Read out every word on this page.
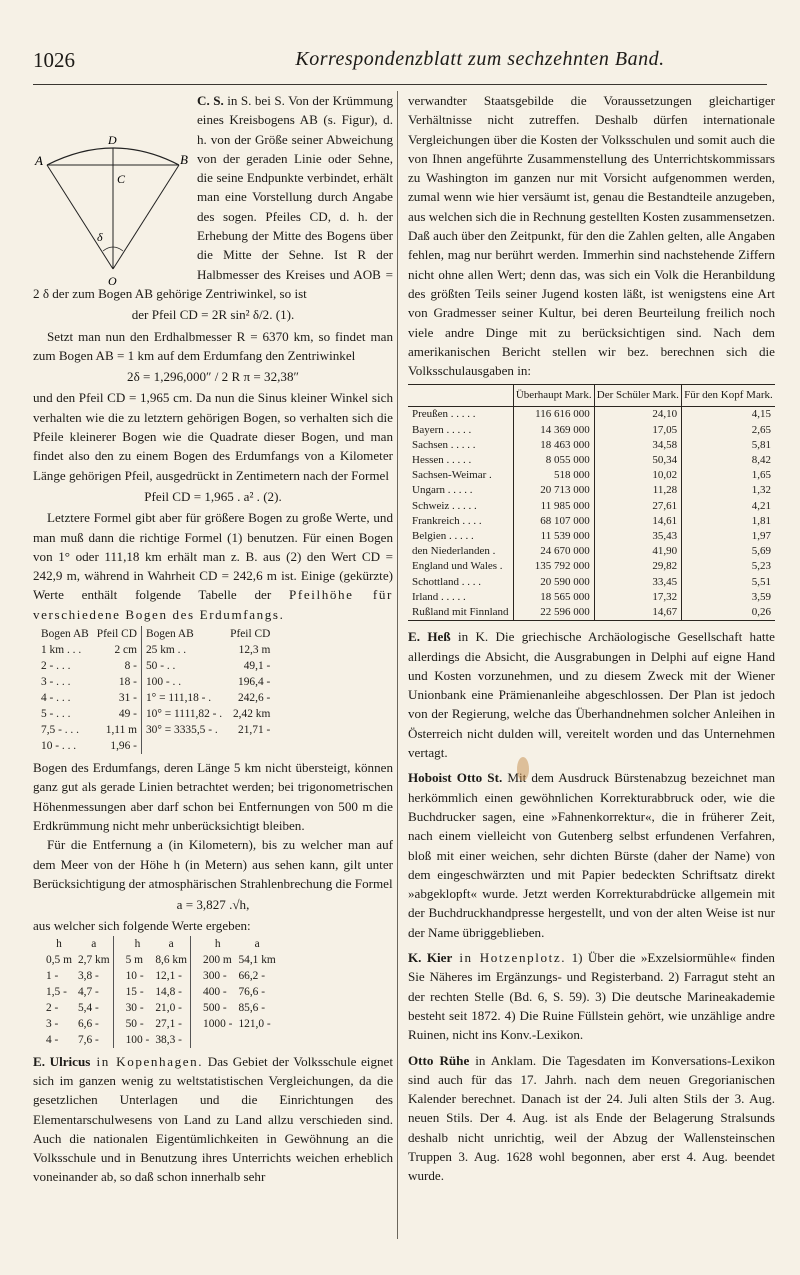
1026	Korrespondenzblatt zum sechzehnten Band.
A	B
D
C
δ
O

C. S. in S. bei S. Von der Krümmung eines Kreisbogens AB (s. Figur), d. h. von der Größe seiner Abweichung von der geraden Linie oder Sehne, die seine Endpunkte verbindet, erhält man eine Vorstellung durch Angabe des sogen. Pfeiles CD, d. h. der Erhebung der Mitte des Bogens über die Mitte der Sehne. Ist R der Halbmesser des Kreises und AOB = 2 δ der zum Bogen AB gehörige Zentriwinkel, so ist

der Pfeil CD = 2R sin² δ/2. (1).

Setzt man nun den Erdhalbmesser R = 6370 km, so findet man zum Bogen AB = 1 km auf dem Erdumfang den Zentriwinkel

2δ = 1,296,000″ / 2 R π = 32,38″

und den Pfeil CD = 1,965 cm. Da nun die Sinus kleiner Winkel sich verhalten wie die zu letztern gehörigen Bogen, so verhalten sich die Pfeile kleinerer Bogen wie die Quadrate dieser Bogen, und man findet also den zu einem Bogen des Erdumfangs von a Kilometer Länge gehörigen Pfeil, ausgedrückt in Zentimetern nach der Formel

Pfeil CD = 1,965 . a² . (2).

Letztere Formel gibt aber für größere Bogen zu große Werte, und man muß dann die richtige Formel (1) benutzen. Für einen Bogen von 1° oder 111,18 km erhält man z. B. aus (2) den Wert CD = 242,9 m, während in Wahrheit CD = 242,6 m ist. Einige (gekürzte) Werte enthält folgende Tabelle der Pfeilhöhe für verschiedene Bogen des Erdumfangs.

Bogen AB	Pfeil CD	Bogen AB	Pfeil CD
1 km . . .	2 cm	25 km . .	12,3 m
2 - . . .	8 -	50 - . .	49,1 -
3 - . . .	18 -	100 - . .	196,4 -
4 - . . .	31 -	1° = 111,18 - .	242,6 -
5 - . . .	49 -	10° = 1111,82 - .	2,42 km
7,5 - . . .	1,11 m	30° = 3335,5 - .	21,71 -
10 - . . .	1,96 -		

Bogen des Erdumfangs, deren Länge 5 km nicht übersteigt, können ganz gut als gerade Linien betrachtet werden; bei trigonometrischen Höhenmessungen aber darf schon bei Entfernungen von 500 m die Erdkrümmung nicht mehr unberücksichtigt bleiben.

Für die Entfernung a (in Kilometern), bis zu welcher man auf dem Meer von der Höhe h (in Metern) aus sehen kann, gilt unter Berücksichtigung der atmosphärischen Strahlenbrechung die Formel

a = 3,827 .√h,

aus welcher sich folgende Werte ergeben:

h	a	h	a	h	a
0,5 m	2,7 km	5 m	8,6 km	200 m	54,1 km
1 -	3,8 -	10 -	12,1 -	300 -	66,2 -
1,5 -	4,7 -	15 -	14,8 -	400 -	76,6 -
2 -	5,4 -	30 -	21,0 -	500 -	85,6 -
3 -	6,6 -	50 -	27,1 -	1000 -	121,0 -
4 -	7,6 -	100 -	38,3 -		

E. Ulricus in Kopenhagen. Das Gebiet der Volksschule eignet sich im ganzen wenig zu weltstatistischen Vergleichungen, da die gesetzlichen Unterlagen und die Einrichtungen des Elementarschulwesens von Land zu Land allzu verschieden sind. Auch die nationalen Eigentümlichkeiten in Gewöhnung an die Volksschule und in Benutzung ihres Unterrichts weichen erheblich voneinander ab, so daß schon innerhalb sehr

verwandter Staatsgebilde die Voraussetzungen gleichartiger Verhältnisse nicht zutreffen. Deshalb dürfen internationale Vergleichungen über die Kosten der Volksschulen und somit auch die von Ihnen angeführte Zusammenstellung des Unterrichtskommissars zu Washington im ganzen nur mit Vorsicht aufgenommen werden, zumal wenn wie hier versäumt ist, genau die Bestandteile anzugeben, aus welchen sich die in Rechnung gestellten Kosten zusammensetzen. Daß auch über den Zeitpunkt, für den die Zahlen gelten, alle Angaben fehlen, mag nur berührt werden. Immerhin sind nachstehende Ziffern nicht ohne allen Wert; denn das, was sich ein Volk die Heranbildung des größten Teils seiner Jugend kosten läßt, ist wenigstens eine Art von Gradmesser seiner Kultur, bei deren Beurteilung freilich noch viele andre Dinge mit zu berücksichtigen sind. Nach dem amerikanischen Bericht stellen wir bez. berechnen sich die Volksschulausgaben in:

	Überhaupt Mark.	Der Schüler Mark.	Für den Kopf Mark.
Preußen . . . . .	116 616 000	24,10	4,15
Bayern . . . . .	14 369 000	17,05	2,65
Sachsen . . . . .	18 463 000	34,58	5,81
Hessen . . . . .	8 055 000	50,34	8,42
Sachsen-Weimar .	518 000	10,02	1,65
Ungarn . . . . .	20 713 000	11,28	1,32
Schweiz . . . . .	11 985 000	27,61	4,21
Frankreich . . . .	68 107 000	14,61	1,81
Belgien . . . . .	11 539 000	35,43	1,97
den Niederlanden .	24 670 000	41,90	5,69
England und Wales .	135 792 000	29,82	5,23
Schottland . . . .	20 590 000	33,45	5,51
Irland . . . . .	18 565 000	17,32	3,59
Rußland mit Finnland	22 596 000	14,67	0,26

E. Heß in K. Die griechische Archäologische Gesellschaft hatte allerdings die Absicht, die Ausgrabungen in Delphi auf eigne Hand und Kosten vorzunehmen, und zu diesem Zweck mit der Wiener Unionbank eine Prämienanleihe abgeschlossen. Der Plan ist jedoch von der Regierung, welche das Überhandnehmen solcher Anleihen in Österreich nicht dulden will, vereitelt worden und das Unternehmen vertagt.

Hoboist Otto St. Mit dem Ausdruck Bürstenabzug bezeichnet man herkömmlich einen gewöhnlichen Korrekturabbruck oder, wie die Buchdrucker sagen, eine »Fahnenkorrektur«, die in früherer Zeit, nach einem vielleicht von Gutenberg selbst erfundenen Verfahren, bloß mit einer weichen, sehr dichten Bürste (daher der Name) von dem eingeschwärzten und mit Papier bedeckten Schriftsatz direkt »abgeklopft« wurde. Jetzt werden Korrekturabdrücke allgemein mit der Buchdruckhandpresse hergestellt, und von der alten Weise ist nur der Name übriggeblieben.

K. Kier in Hotzenplotz. 1) Über die »Exzelsiormühle« finden Sie Näheres im Ergänzungs- und Registerband. 2) Farragut steht an der rechten Stelle (Bd. 6, S. 59). 3) Die deutsche Marineakademie besteht seit 1872. 4) Die Ruine Füllstein gehört, wie unzählige andre Ruinen, nicht ins Konv.-Lexikon.

Otto Rühe in Anklam. Die Tagesdaten im Konversations-Lexikon sind auch für das 17. Jahrh. nach dem neuen Gregorianischen Kalender berechnet. Danach ist der 24. Juli alten Stils der 3. Aug. neuen Stils. Der 4. Aug. ist als Ende der Belagerung Stralsunds deshalb nicht unrichtig, weil der Abzug der Wallensteinschen Truppen 3. Aug. 1628 wohl begonnen, aber erst 4. Aug. beendet wurde.
